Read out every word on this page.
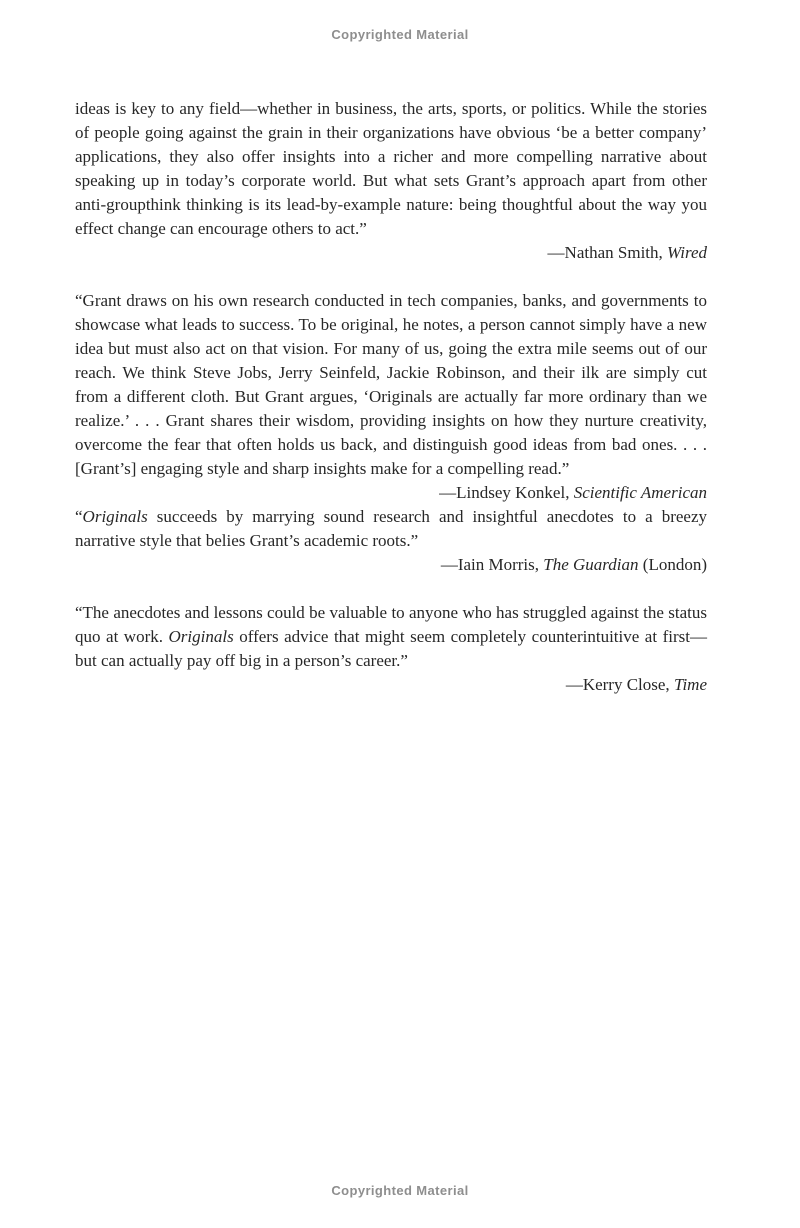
Copyrighted Material

ideas is key to any field—whether in business, the arts, sports, or politics. While the stories of people going against the grain in their organizations have obvious ‘be a better company’ applications, they also offer insights into a richer and more compelling narrative about speaking up in today’s corporate world. But what sets Grant’s approach apart from other anti-groupthink thinking is its lead-by-example nature: being thoughtful about the way you effect change can encourage others to act.”

—Nathan Smith, Wired

“Grant draws on his own research conducted in tech companies, banks, and governments to showcase what leads to success. To be original, he notes, a person cannot simply have a new idea but must also act on that vision. For many of us, going the extra mile seems out of our reach. We think Steve Jobs, Jerry Seinfeld, Jackie Robinson, and their ilk are simply cut from a different cloth. But Grant argues, ‘Originals are actually far more ordinary than we realize.’ . . . Grant shares their wisdom, providing insights on how they nurture creativity, overcome the fear that often holds us back, and distinguish good ideas from bad ones. . . . [Grant’s] engaging style and sharp insights make for a compelling read.”
—Lindsey Konkel, Scientific American

“Originals succeeds by marrying sound research and insightful anecdotes to a breezy narrative style that belies Grant’s academic roots.”

—Iain Morris, The Guardian (London)

“The anecdotes and lessons could be valuable to anyone who has struggled against the status quo at work. Originals offers advice that might seem completely counterintuitive at first—but can actually pay off big in a person’s career.”

—Kerry Close, Time

Copyrighted Material
